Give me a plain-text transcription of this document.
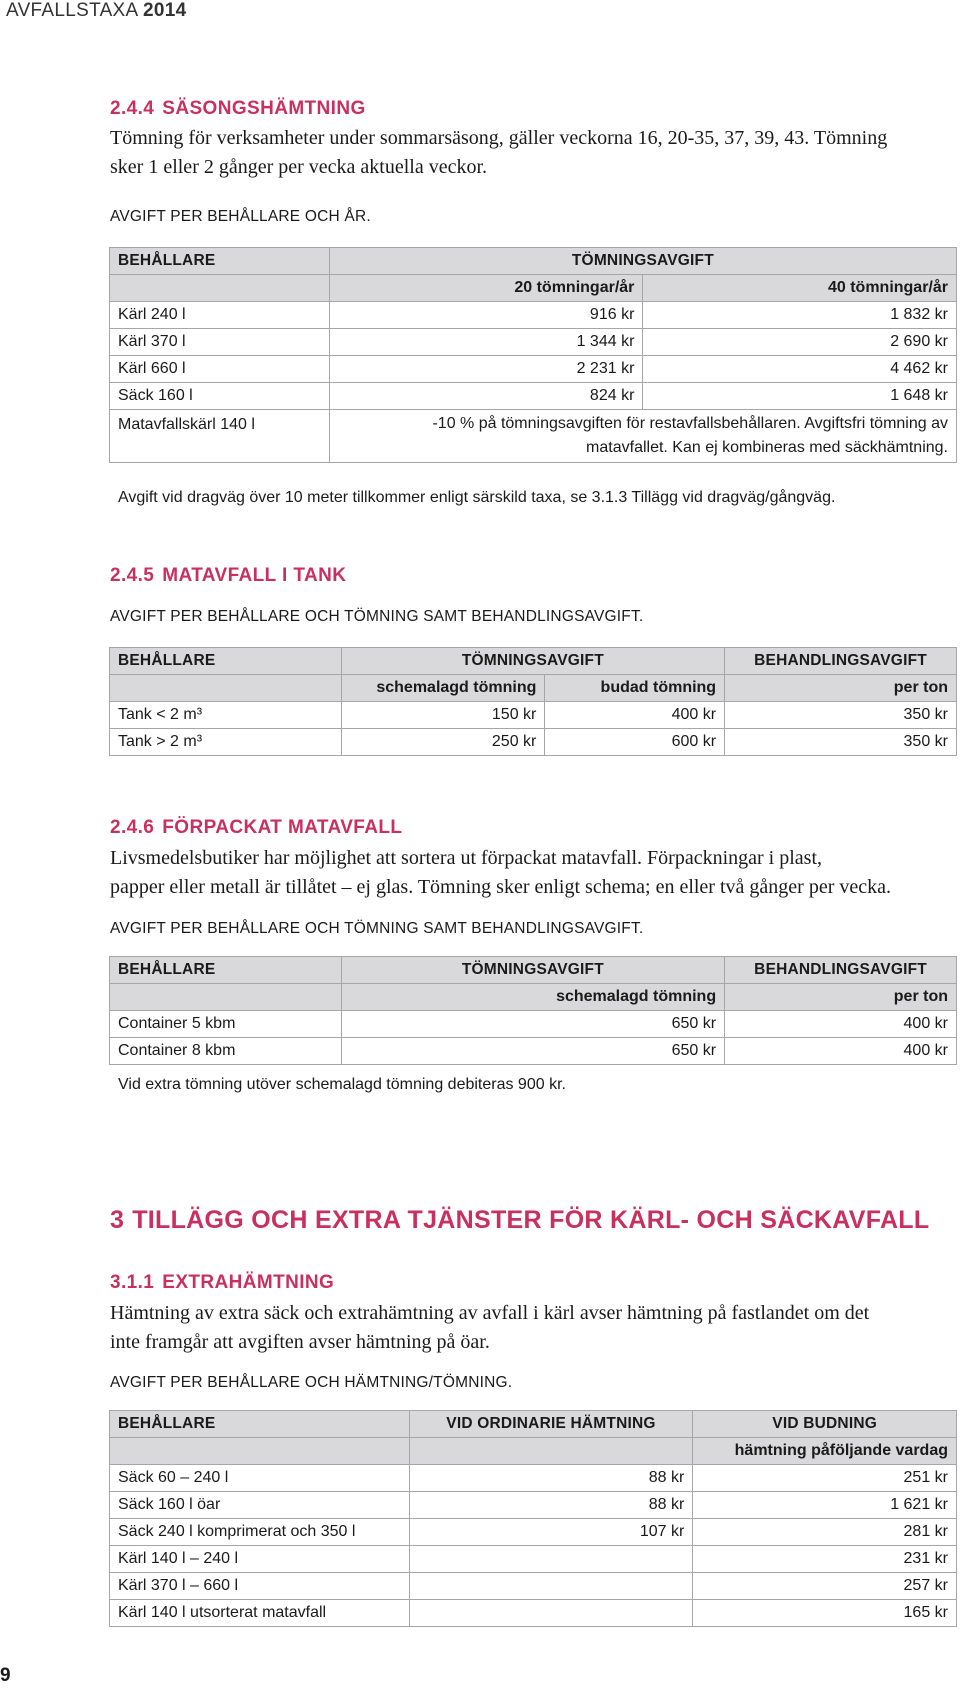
AVFALLSTAXA 2014
2.4.4 SÄSONGSHÄMTNING

Tömning för verksamheter under sommarsäsong, gäller veckorna 16, 20-35, 37, 39, 43. Tömning sker 1 eller 2 gånger per vecka aktuella veckor.

AVGIFT PER BEHÅLLARE OCH ÅR.

BEHÅLLARE	TÖMNINGSAVGIFT	
	20 tömningar/år	40 tömningar/år
Kärl 240 l	916 kr	1 832 kr
Kärl 370 l	1 344 kr	2 690 kr
Kärl 660 l	2 231 kr	4 462 kr
Säck 160 l	824 kr	1 648 kr
Matavfallskärl 140 l	-10 % på tömningsavgiften för restavfallsbehållaren. Avgiftsfri tömning av
matavfallet. Kan ej kombineras med säckhämtning.	

Avgift vid dragväg över 10 meter tillkommer enligt särskild taxa, se 3.1.3 Tillägg vid dragväg/gångväg.

2.4.5 MATAVFALL I TANK

AVGIFT PER BEHÅLLARE OCH TÖMNING SAMT BEHANDLINGSAVGIFT.

BEHÅLLARE	TÖMNINGSAVGIFT		BEHANDLINGSAVGIFT
	schemalagd tömning	budad tömning	per ton
Tank < 2 m³	150 kr	400 kr	350 kr
Tank > 2 m³	250 kr	600 kr	350 kr
2.4.6 FÖRPACKAT MATAVFALL

Livsmedelsbutiker har möjlighet att sortera ut förpackat matavfall. Förpackningar i plast,

papper eller metall är tillåtet – ej glas. Tömning sker enligt schema; en eller två gånger per vecka.

AVGIFT PER BEHÅLLARE OCH TÖMNING SAMT BEHANDLINGSAVGIFT.

BEHÅLLARE	TÖMNINGSAVGIFT	BEHANDLINGSAVGIFT
	schemalagd tömning	per ton
Container 5 kbm	650 kr	400 kr
Container 8 kbm	650 kr	400 kr

Vid extra tömning utöver schemalagd tömning debiteras 900 kr.

3 TILLÄGG OCH EXTRA TJÄNSTER FÖR KÄRL- OCH SÄCKAVFALL
3.1.1 EXTRAHÄMTNING

Hämtning av extra säck och extrahämtning av avfall i kärl avser hämtning på fastlandet om det

inte framgår att avgiften avser hämtning på öar.

AVGIFT PER BEHÅLLARE OCH HÄMTNING/TÖMNING.

BEHÅLLARE	VID ORDINARIE HÄMTNING	VID BUDNING
		hämtning påföljande vardag
Säck 60 – 240 l	88 kr	251 kr
Säck 160 l öar	88 kr	1 621 kr
Säck 240 l komprimerat och 350 l	107 kr	281 kr
Kärl 140 l – 240 l		231 kr
Kärl 370 l – 660 l		257 kr
Kärl 140 l utsorterat matavfall		165 kr
9
